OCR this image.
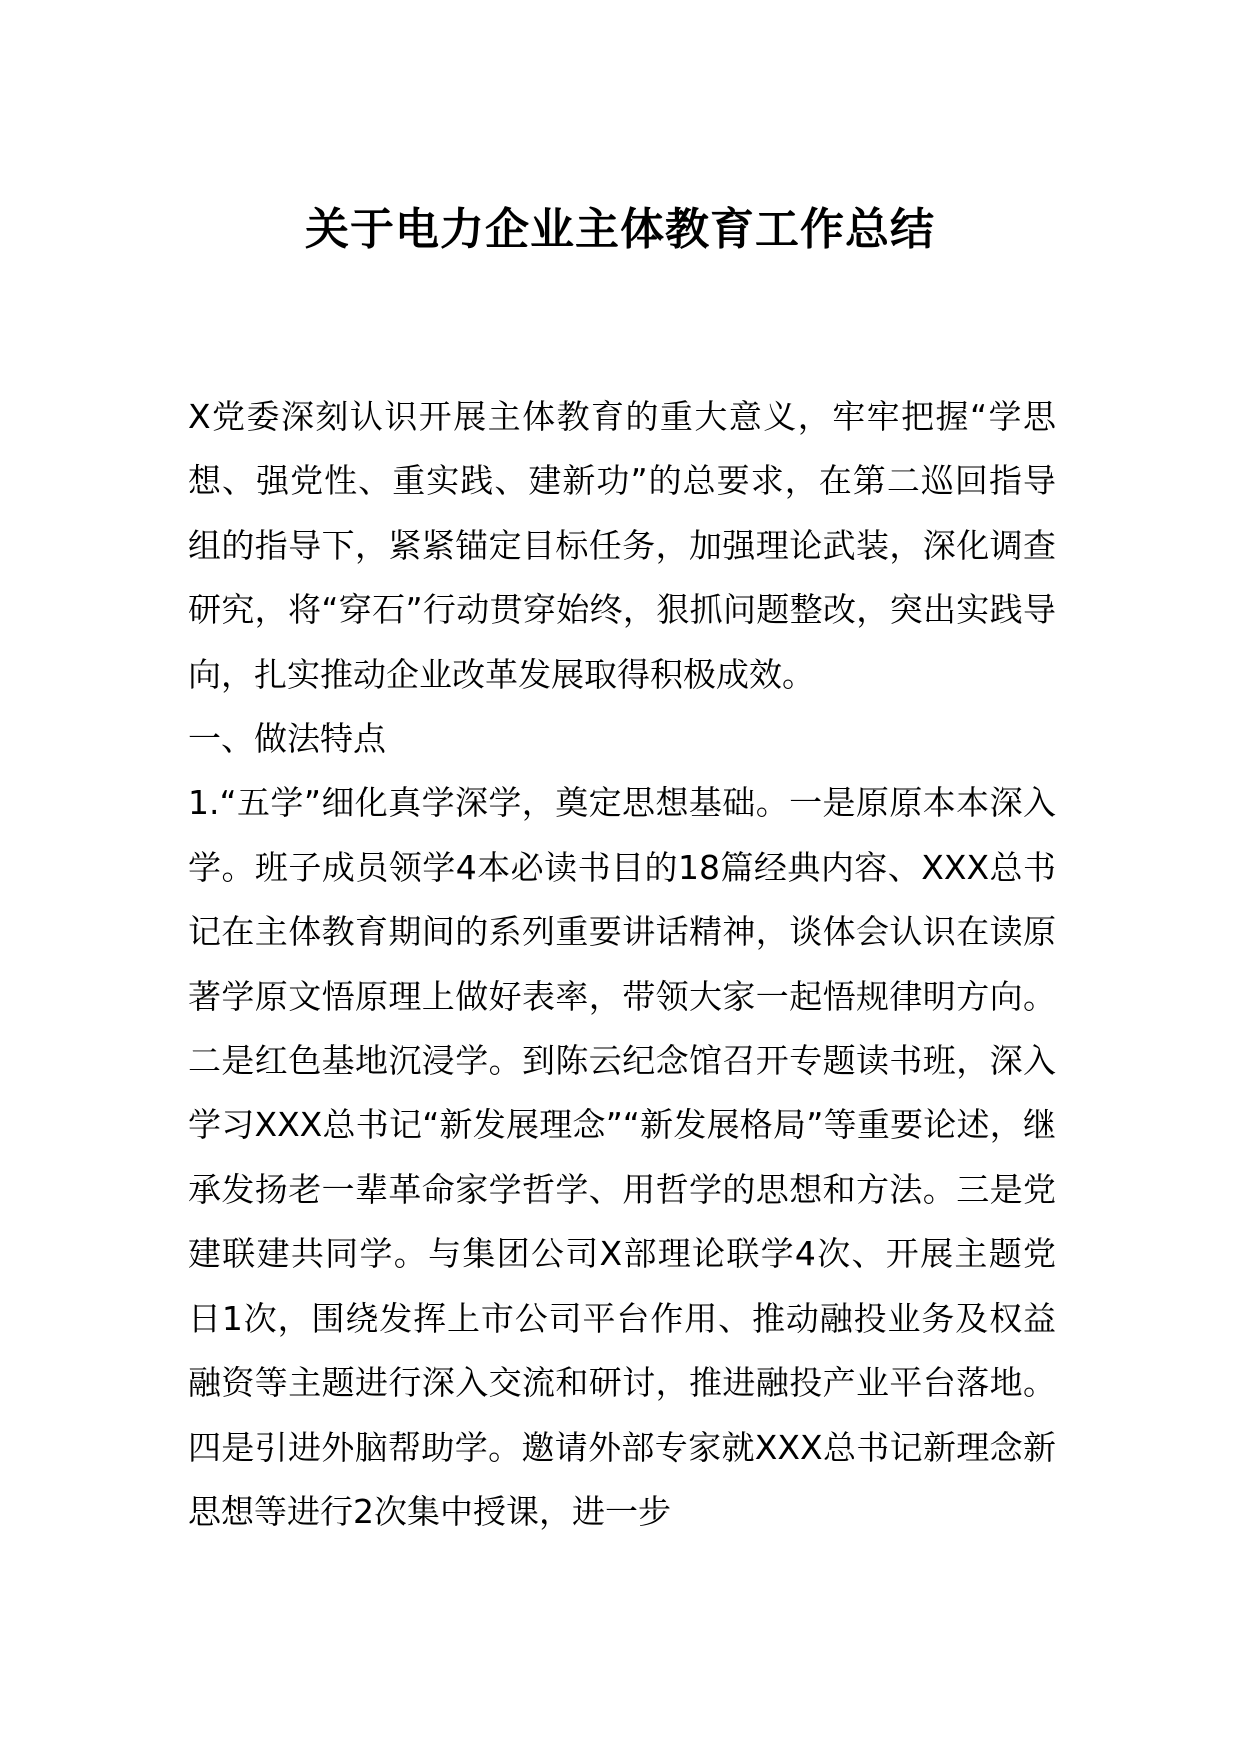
关于电力企业主体教育工作总结

X党委深刻认识开展主体教育的重大意义，牢牢把握“学思想、强党性、重实践、建新功”的总要求，在第二巡回指导组的指导下，紧紧锚定目标任务，加强理论武装，深化调查研究，将“穿石”行动贯穿始终，狠抓问题整改，突出实践导向，扎实推动企业改革发展取得积极成效。

一、做法特点

1.“五学”细化真学深学，奠定思想基础。一是原原本本深入学。班子成员领学4本必读书目的18篇经典内容、XXX总书记在主体教育期间的系列重要讲话精神，谈体会认识在读原著学原文悟原理上做好表率，带领大家一起悟规律明方向。二是红色基地沉浸学。到陈云纪念馆召开专题读书班，深入学习XXX总书记“新发展理念”“新发展格局”等重要论述，继承发扬老一辈革命家学哲学、用哲学的思想和方法。三是党建联建共同学。与集团公司X部理论联学4次、开展主题党日1次，围绕发挥上市公司平台作用、推动融投业务及权益融资等主题进行深入交流和研讨，推进融投产业平台落地。四是引进外脑帮助学。邀请外部专家就XXX总书记新理念新思想等进行2次集中授课，进一步
